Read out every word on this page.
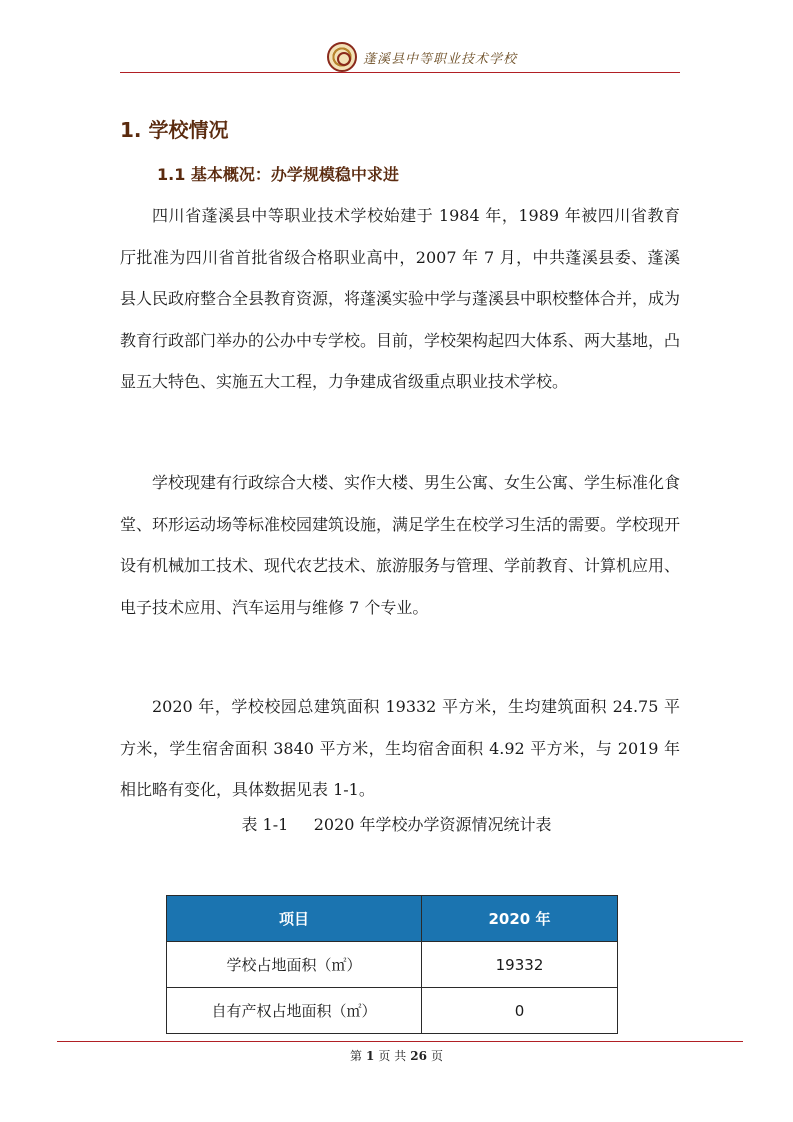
蓬溪县中等职业技术学校
1. 学校情况
1.1 基本概况：办学规模稳中求进

四川省蓬溪县中等职业技术学校始建于 1984 年，1989 年被四川省教育厅批准为四川省首批省级合格职业高中，2007 年 7 月，中共蓬溪县委、蓬溪县人民政府整合全县教育资源，将蓬溪实验中学与蓬溪县中职校整体合并，成为教育行政部门举办的公办中专学校。目前，学校架构起四大体系、两大基地，凸显五大特色、实施五大工程，力争建成省级重点职业技术学校。

学校现建有行政综合大楼、实作大楼、男生公寓、女生公寓、学生标准化食堂、环形运动场等标准校园建筑设施，满足学生在校学习生活的需要。学校现开设有机械加工技术、现代农艺技术、旅游服务与管理、学前教育、计算机应用、电子技术应用、汽车运用与维修 7 个专业。

2020 年，学校校园总建筑面积 19332 平方米，生均建筑面积 24.75 平方米，学生宿舍面积 3840 平方米，生均宿舍面积 4.92 平方米，与 2019 年相比略有变化，具体数据见表 1-1。

表 1-1     2020 年学校办学资源情况统计表

项目	2020 年
学校占地面积（㎡）	19332
自有产权占地面积（㎡）	0

第 1 页 共 26 页
